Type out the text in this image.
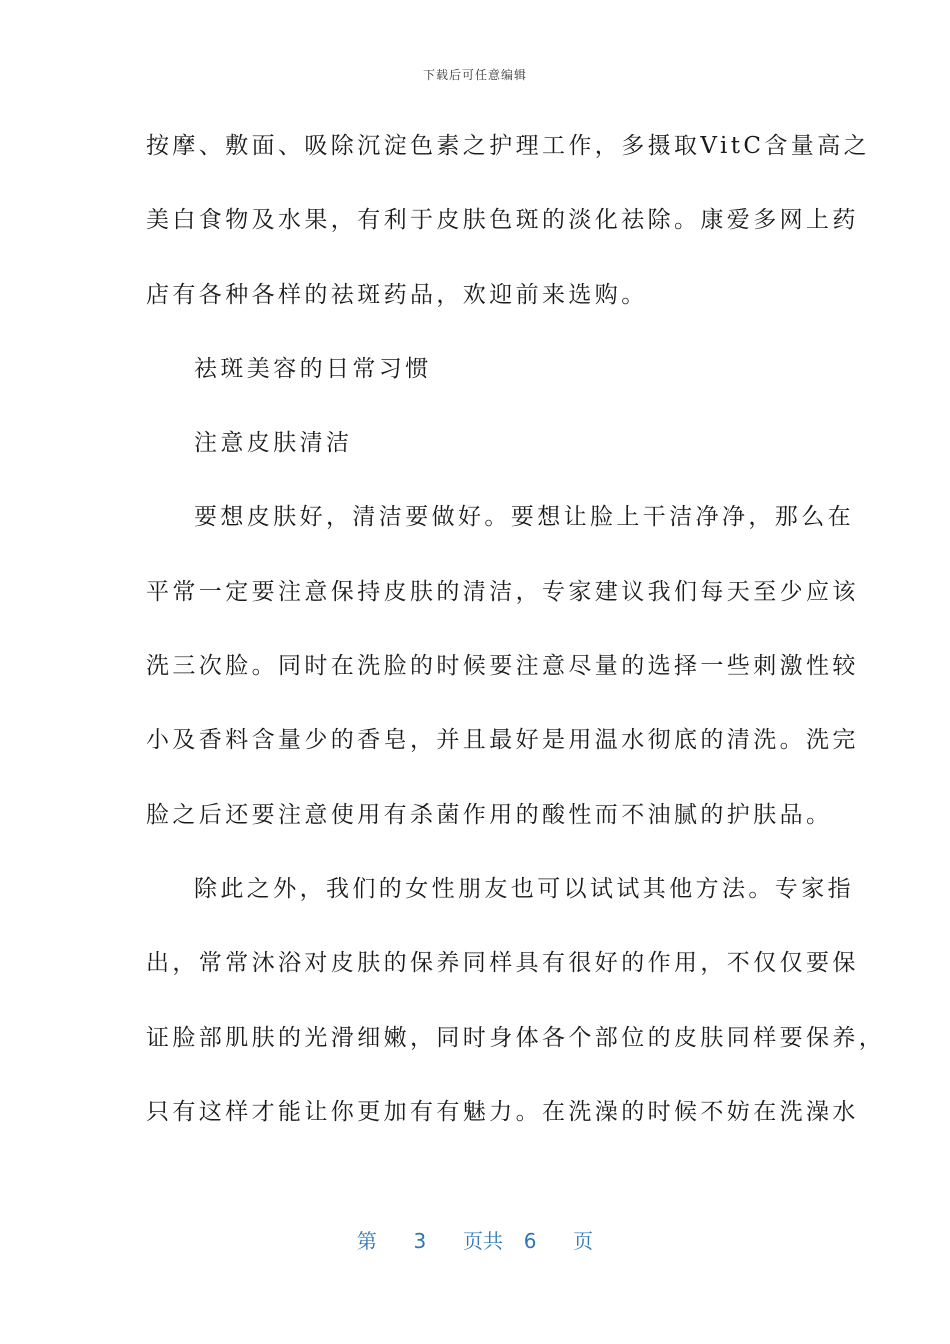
下载后可任意编辑
按摩、敷面、吸除沉淀色素之护理工作，多摄取VitC含量高之
美白食物及水果，有利于皮肤色斑的淡化祛除。康爱多网上药
店有各种各样的祛斑药品，欢迎前来选购。
祛斑美容的日常习惯
注意皮肤清洁
要想皮肤好，清洁要做好。要想让脸上干洁净净，那么在
平常一定要注意保持皮肤的清洁，专家建议我们每天至少应该
洗三次脸。同时在洗脸的时候要注意尽量的选择一些刺激性较
小及香料含量少的香皂，并且最好是用温水彻底的清洗。洗完
脸之后还要注意使用有杀菌作用的酸性而不油腻的护肤品。
除此之外，我们的女性朋友也可以试试其他方法。专家指
出，常常沐浴对皮肤的保养同样具有很好的作用，不仅仅要保
证脸部肌肤的光滑细嫩，同时身体各个部位的皮肤同样要保养，
只有这样才能让你更加有有魅力。在洗澡的时候不妨在洗澡水
第 3 页共 6 页
